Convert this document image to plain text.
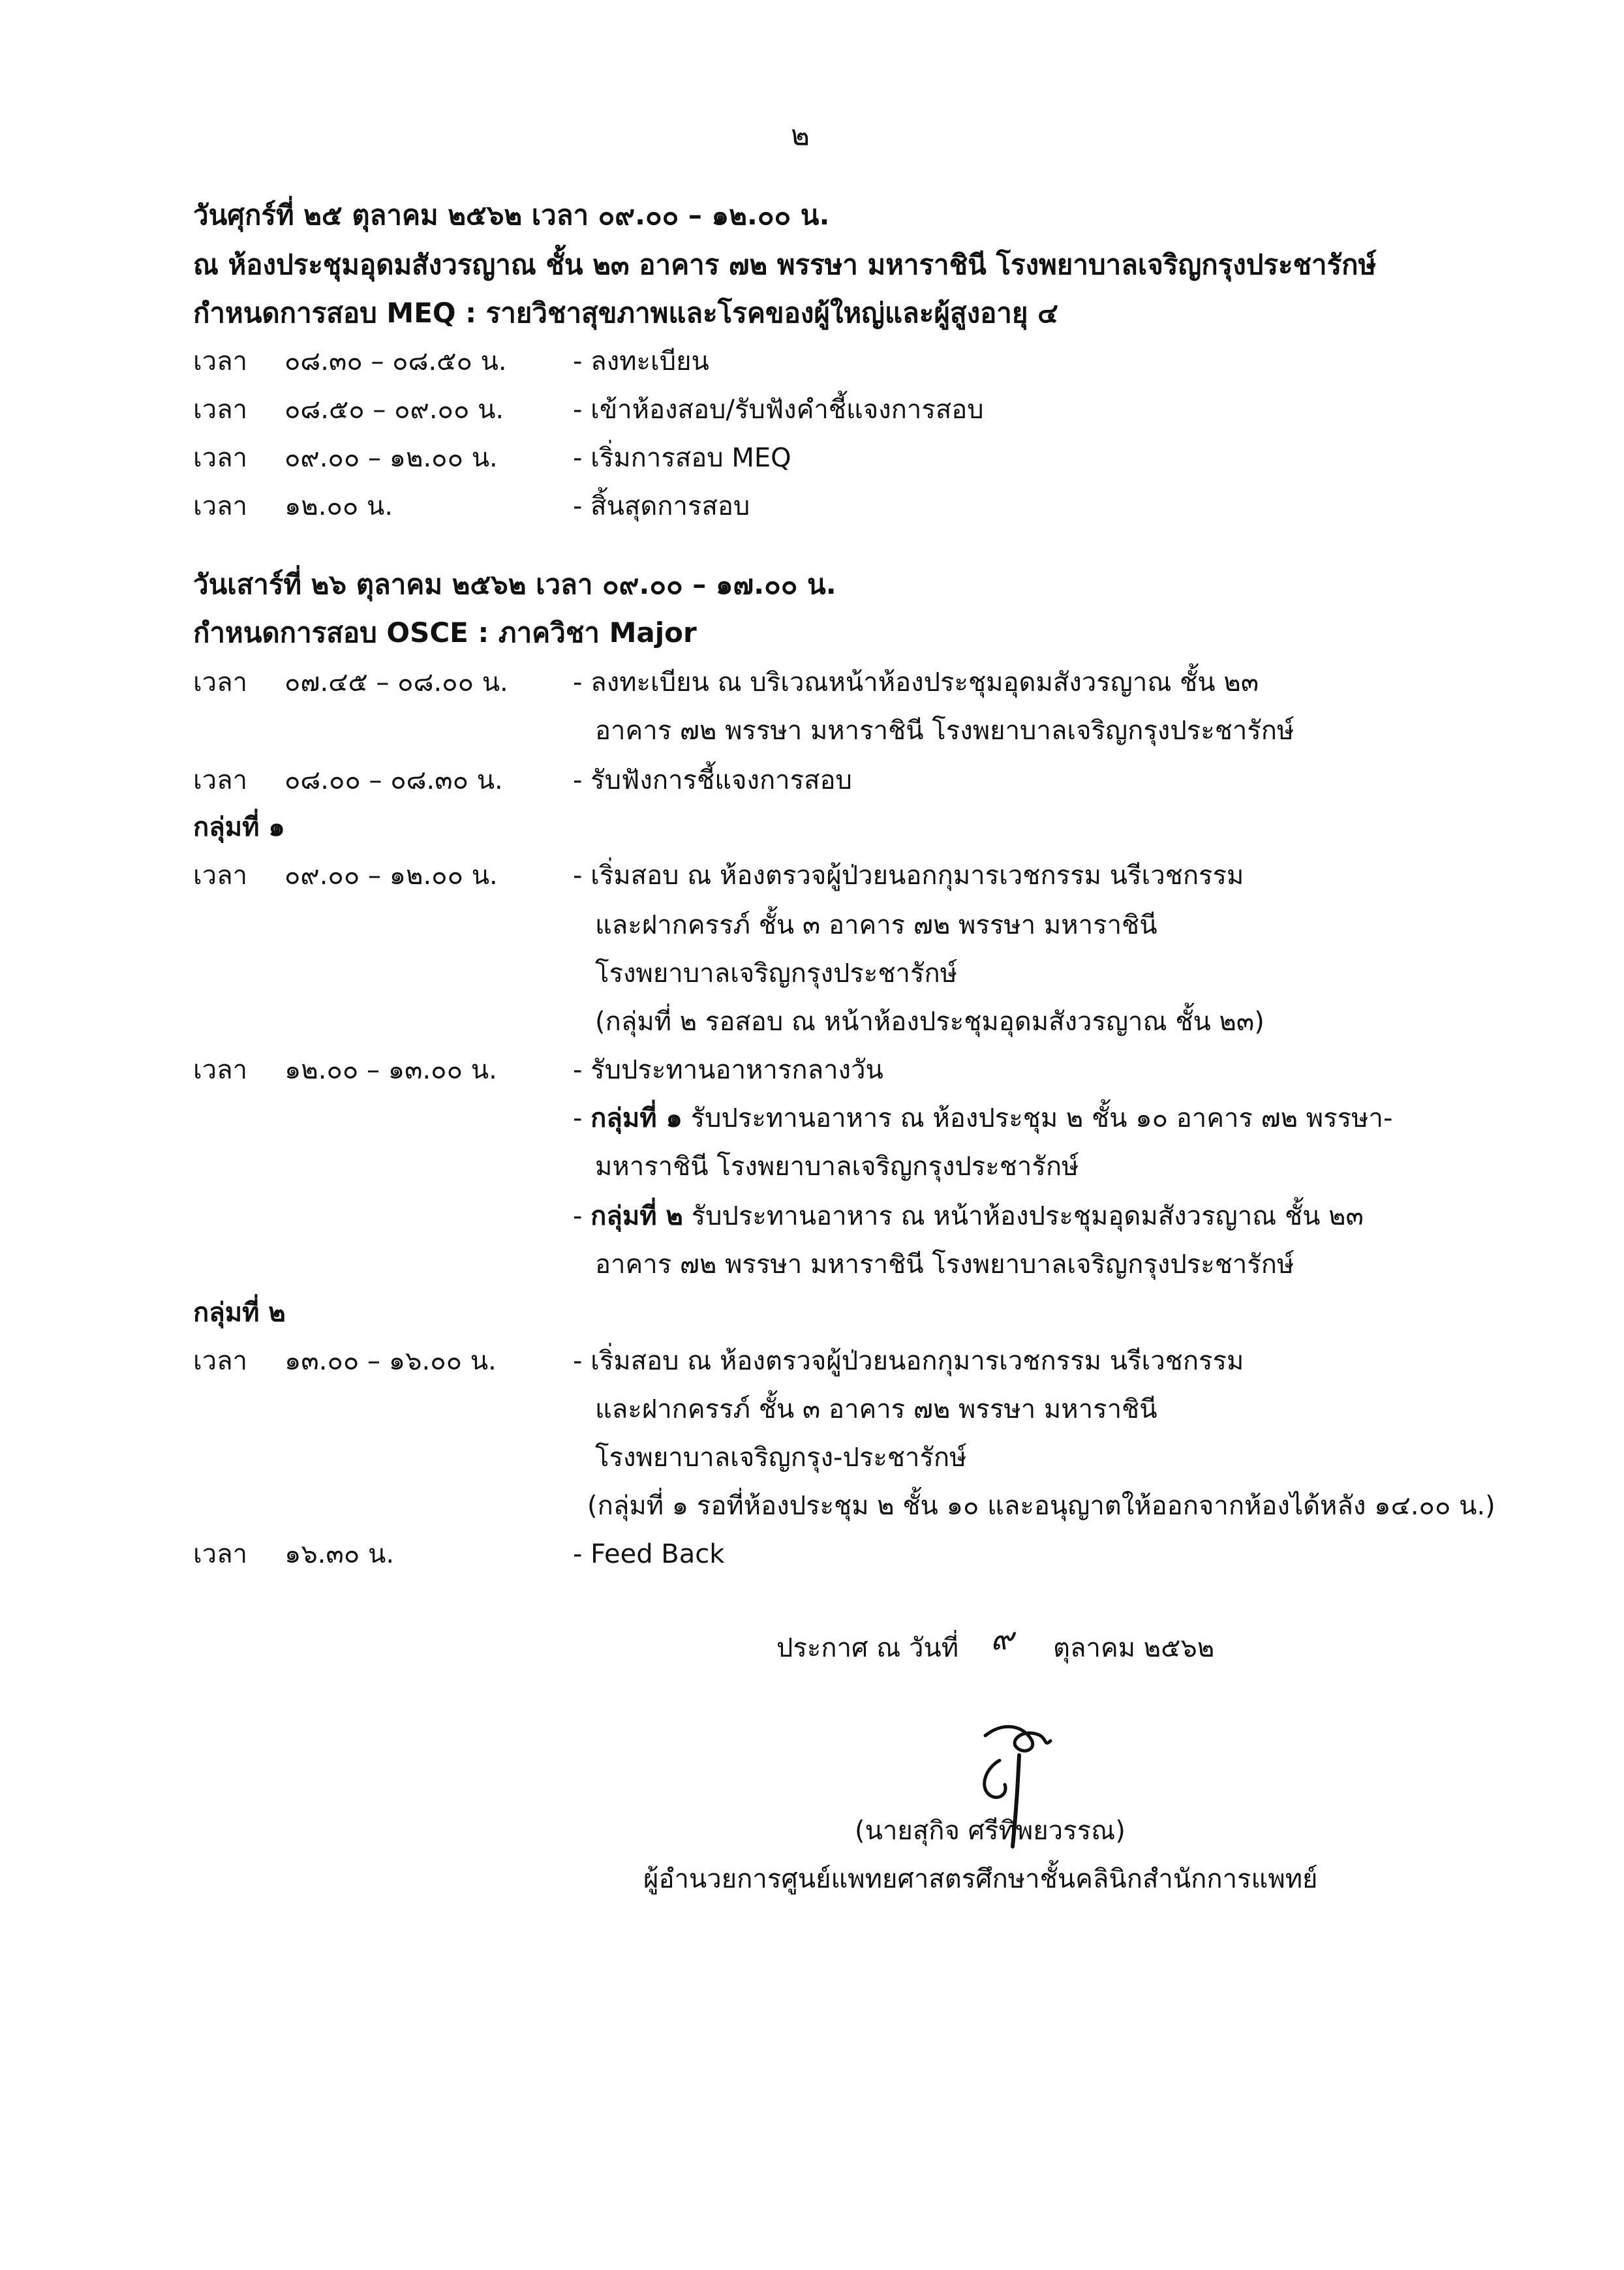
๒
วันศุกร์ที่ ๒๕ ตุลาคม ๒๕๖๒ เวลา ๐๙.๐๐ – ๑๒.๐๐ น.
ณ ห้องประชุมอุดมสังวรญาณ ชั้น ๒๓ อาคาร ๗๒ พรรษา มหาราชินี โรงพยาบาลเจริญกรุงประชารักษ์
กำหนดการสอบ MEQ : รายวิชาสุขภาพและโรคของผู้ใหญ่และผู้สูงอายุ ๔
เวลา ๐๘.๓๐ – ๐๘.๕๐ น.	- ลงทะเบียน
เวลา ๐๘.๕๐ – ๐๙.๐๐ น.	- เข้าห้องสอบ/รับฟังคำชี้แจงการสอบ
เวลา ๐๙.๐๐ – ๑๒.๐๐ น.	- เริ่มการสอบ MEQ
เวลา ๑๒.๐๐ น.	- สิ้นสุดการสอบ
วันเสาร์ที่ ๒๖ ตุลาคม ๒๕๖๒ เวลา ๐๙.๐๐ – ๑๗.๐๐ น.
กำหนดการสอบ OSCE : ภาควิชา Major
เวลา ๐๗.๔๕ – ๐๘.๐๐ น. - ลงทะเบียน ณ บริเวณหน้าห้องประชุมอุดมสังวรญาณ ชั้น ๒๓
อาคาร ๗๒ พรรษา มหาราชินี โรงพยาบาลเจริญกรุงประชารักษ์
เวลา ๐๘.๐๐ – ๐๘.๓๐ น.	- รับฟังการชี้แจงการสอบ
กลุ่มที่ ๑
เวลา ๐๙.๐๐ – ๑๒.๐๐ น.	- เริ่มสอบ ณ ห้องตรวจผู้ป่วยนอกกุมารเวชกรรม นรีเวชกรรม
และฝากครรภ์ ชั้น ๓ อาคาร ๗๒ พรรษา มหาราชินี
โรงพยาบาลเจริญกรุงประชารักษ์
(กลุ่มที่ ๒ รอสอบ ณ หน้าห้องประชุมอุดมสังวรญาณ ชั้น ๒๓)
เวลา ๑๒.๐๐ – ๑๓.๐๐ น.	- รับประทานอาหารกลางวัน
- กลุ่มที่ ๑ รับประทานอาหาร ณ ห้องประชุม ๒ ชั้น ๑๐ อาคาร ๗๒ พรรษา-
มหาราชินี โรงพยาบาลเจริญกรุงประชารักษ์
- กลุ่มที่ ๒ รับประทานอาหาร ณ หน้าห้องประชุมอุดมสังวรญาณ ชั้น ๒๓
อาคาร ๗๒ พรรษา มหาราชินี โรงพยาบาลเจริญกรุงประชารักษ์
กลุ่มที่ ๒
เวลา ๑๓.๐๐ – ๑๖.๐๐ น.	- เริ่มสอบ ณ ห้องตรวจผู้ป่วยนอกกุมารเวชกรรม นรีเวชกรรม
และฝากครรภ์ ชั้น ๓ อาคาร ๗๒ พรรษา มหาราชินี
โรงพยาบาลเจริญกรุง-ประชารักษ์
(กลุ่มที่ ๑ รอที่ห้องประชุม ๒ ชั้น ๑๐ และอนุญาตให้ออกจากห้องได้หลัง ๑๔.๐๐ น.)
เวลา ๑๖.๓๐ น.	- Feed Back
ประกาศ ณ วันที่ ๙ ตุลาคม ๒๕๖๒
(นายสุกิจ ศรีทิพยวรรณ)
ผู้อำนวยการศูนย์แพทยศาสตรศึกษาชั้นคลินิกสำนักการแพทย์
